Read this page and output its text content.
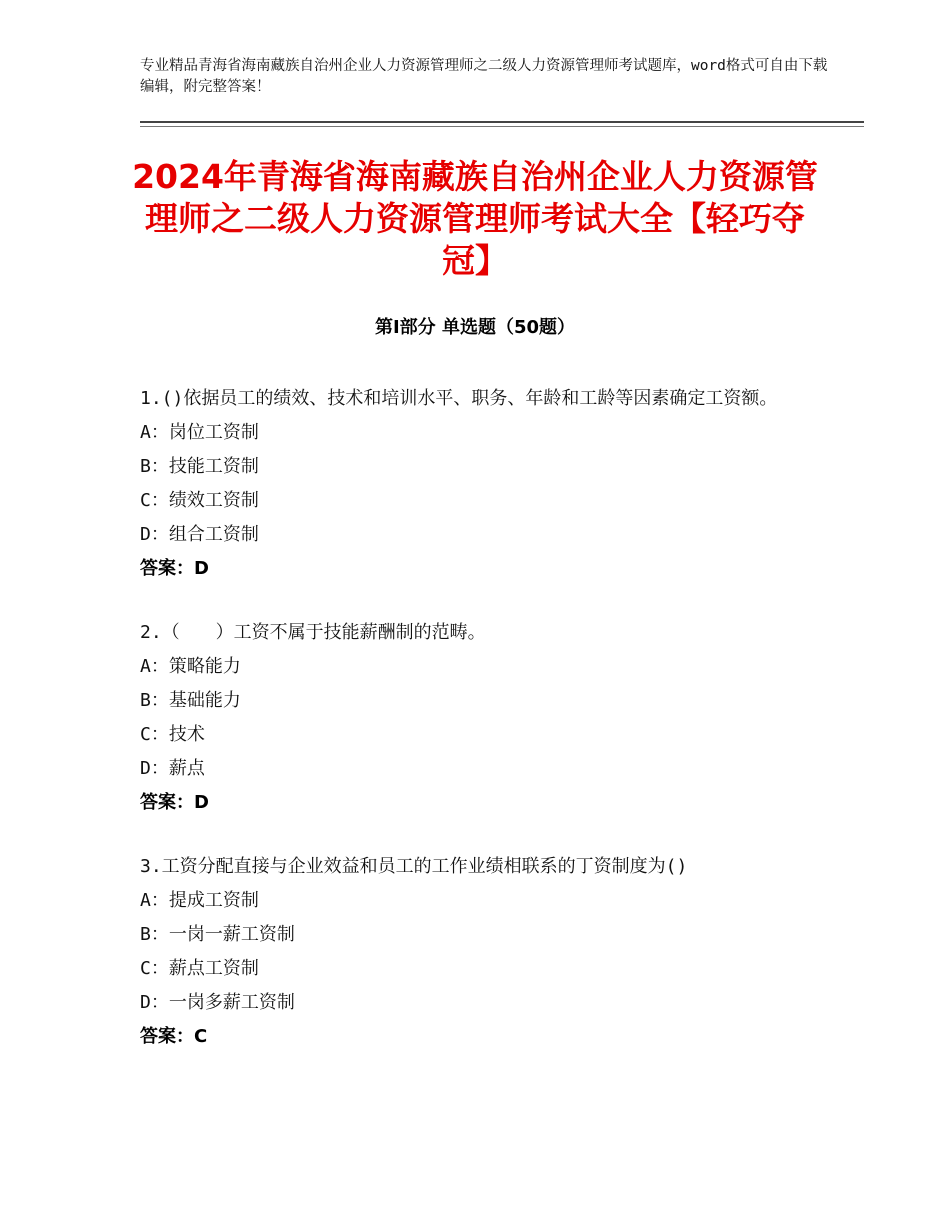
专业精品青海省海南藏族自治州企业人力资源管理师之二级人力资源管理师考试题库，word格式可自由下载编辑，附完整答案！
2024年青海省海南藏族自治州企业人力资源管理师之二级人力资源管理师考试大全【轻巧夺冠】
第Ⅰ部分 单选题（50题）
1.()依据员工的绩效、技术和培训水平、职务、年龄和工龄等因素确定工资额。
A：岗位工资制
B：技能工资制
C：绩效工资制
D：组合工资制
答案：D
2.（　　）工资不属于技能薪酬制的范畴。
A：策略能力
B：基础能力
C：技术
D：薪点
答案：D
3.工资分配直接与企业效益和员工的工作业绩相联系的丁资制度为()
A：提成工资制
B：一岗一薪工资制
C：薪点工资制
D：一岗多薪工资制
答案：C
